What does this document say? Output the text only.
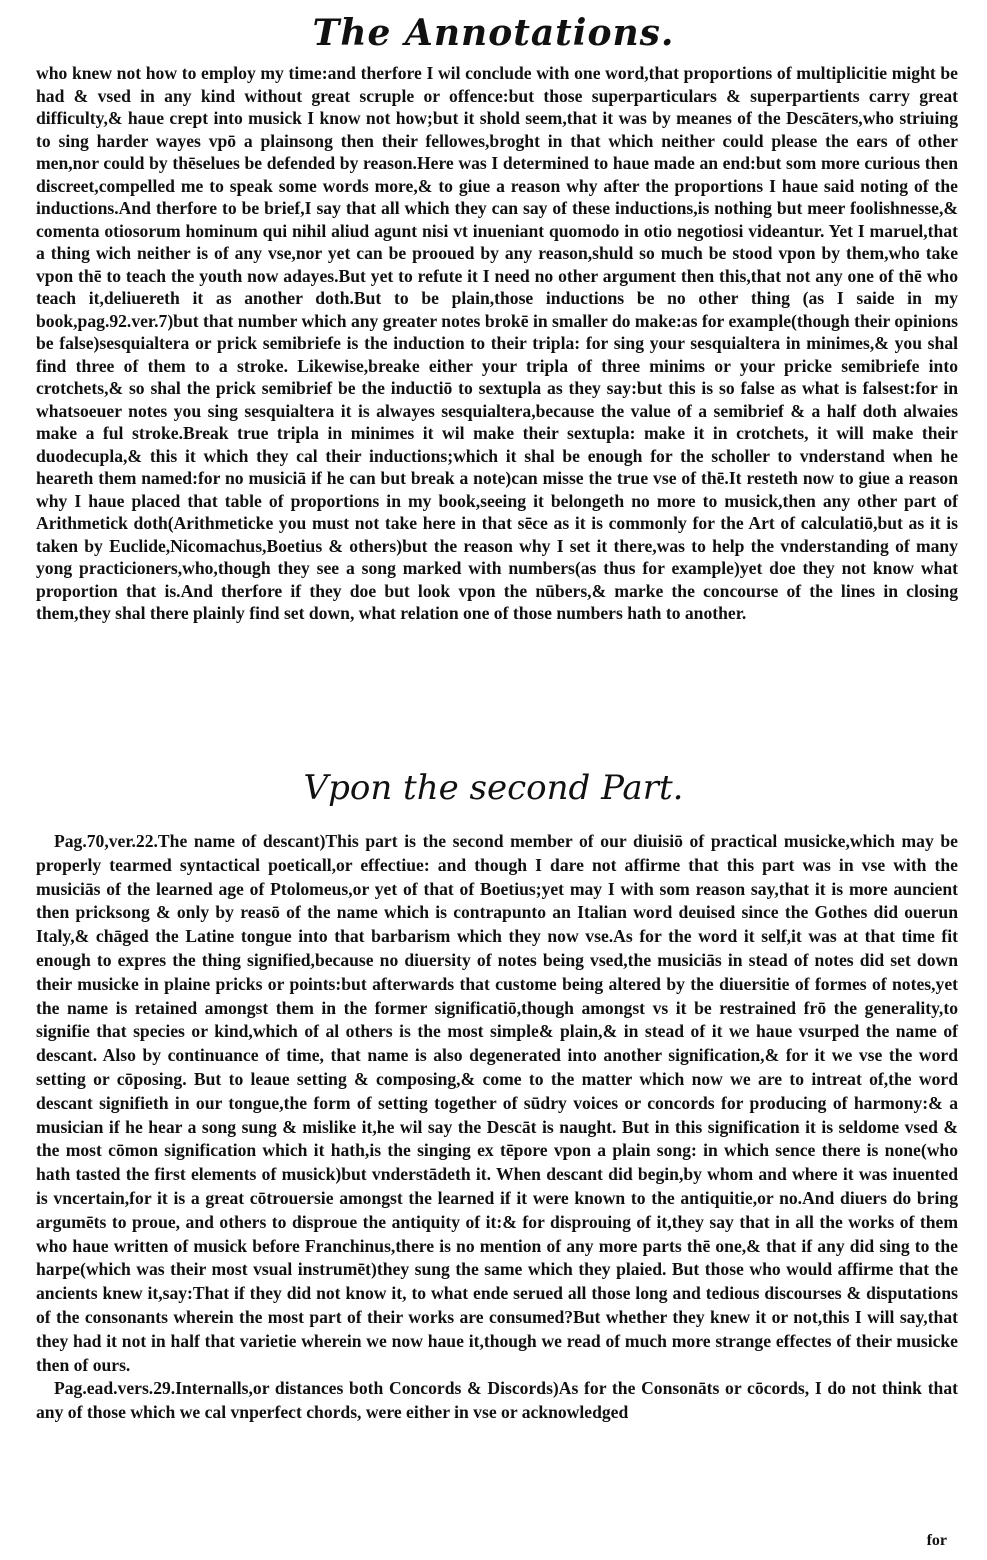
The Annotations.

who knew not how to employ my time:and therfore I wil conclude with one word,that proportions of multiplicitie might be had & vsed in any kind without great scruple or offence:but those superparticulars & superpartients carry great difficulty,& haue crept into musick I know not how;but it shold seem,that it was by meanes of the Descāters,who striuing to sing harder wayes vpō a plainsong then their fellowes,broght in that which neither could please the ears of other men,nor could by thēselues be defended by reason.Here was I determined to haue made an end:but som more curious then discreet,compelled me to speak some words more,& to giue a reason why after the proportions I haue said noting of the inductions.And therfore to be brief,I say that all which they can say of these inductions,is nothing but meer foolishnesse,& comenta otiosorum hominum qui nihil aliud agunt nisi vt inueniant quomodo in otio negotiosi videantur. Yet I maruel,that a thing wich neither is of any vse,nor yet can be prooued by any reason,shuld so much be stood vpon by them,who take vpon thē to teach the youth now adayes.But yet to refute it I need no other argument then this,that not any one of thē who teach it,deliuereth it as another doth.But to be plain,those inductions be no other thing (as I saide in my book,pag.92.ver.7)but that number which any greater notes brokē in smaller do make:as for example(though their opinions be false)sesquialtera or prick semibriefe is the induction to their tripla: for sing your sesquialtera in minimes,& you shal find three of them to a stroke. Likewise,breake either your tripla of three minims or your pricke semibriefe into crotchets,& so shal the prick semibrief be the inductiō to sextupla as they say:but this is so false as what is falsest:for in whatsoeuer notes you sing sesquialtera it is alwayes sesquialtera,because the value of a semibrief & a half doth alwaies make a ful stroke.Break true tripla in minimes it wil make their sextupla: make it in crotchets, it will make their duodecupla,& this it which they cal their inductions;which it shal be enough for the scholler to vnderstand when he heareth them named:for no musiciā if he can but break a note)can misse the true vse of thē.It resteth now to giue a reason why I haue placed that table of proportions in my book,seeing it belongeth no more to musick,then any other part of Arithmetick doth(Arithmeticke you must not take here in that sēce as it is commonly for the Art of calculatiō,but as it is taken by Euclide,Nicomachus,Boetius & others)but the reason why I set it there,was to help the vnderstanding of many yong practicioners,who,though they see a song marked with numbers(as thus for example)yet doe they not know what proportion that is.And therfore if they doe but look vpon the nūbers,& marke the concourse of the lines in closing them,they shal there plainly find set down, what relation one of those numbers hath to another.

Vpon the second Part.

Pag.70,ver.22.The name of descant)This part is the second member of our diuisiō of practical musicke,which may be properly tearmed syntactical poeticall,or effectiue: and though I dare not affirme that this part was in vse with the musiciās of the learned age of Ptolomeus,or yet of that of Boetius;yet may I with som reason say,that it is more auncient then pricksong & only by reasō of the name which is contrapunto an Italian word deuised since the Gothes did ouerun Italy,& chāged the Latine tongue into that barbarism which they now vse.As for the word it self,it was at that time fit enough to expres the thing signified,because no diuersity of notes being vsed,the musiciās in stead of notes did set down their musicke in plaine pricks or points:but afterwards that custome being altered by the diuersitie of formes of notes,yet the name is retained amongst them in the former significatiō,though amongst vs it be restrained frō the generality,to signifie that species or kind,which of al others is the most simple& plain,& in stead of it we haue vsurped the name of descant. Also by continuance of time, that name is also degenerated into another signification,& for it we vse the word setting or cōposing. But to leaue setting & composing,& come to the matter which now we are to intreat of,the word descant signifieth in our tongue,the form of setting together of sūdry voices or concords for producing of harmony:& a musician if he hear a song sung & mislike it,he wil say the Descāt is naught. But in this signification it is seldome vsed & the most cōmon signification which it hath,is the singing ex tēpore vpon a plain song: in which sence there is none(who hath tasted the first elements of musick)but vnderstādeth it. When descant did begin,by whom and where it was inuented is vncertain,for it is a great cōtrouersie amongst the learned if it were known to the antiquitie,or no.And diuers do bring argumēts to proue, and others to disproue the antiquity of it:& for disprouing of it,they say that in all the works of them who haue written of musick before Franchinus,there is no mention of any more parts thē one,& that if any did sing to the harpe(which was their most vsual instrumēt)they sung the same which they plaied. But those who would affirme that the ancients knew it,say:That if they did not know it, to what ende serued all those long and tedious discourses & disputations of the consonants wherein the most part of their works are consumed?But whether they knew it or not,this I will say,that they had it not in half that varietie wherein we now haue it,though we read of much more strange effectes of their musicke then of ours.

Pag.ead.vers.29.Internalls,or distances both Concords & Discords)As for the Consonāts or cōcords, I do not think that any of those which we cal vnperfect chords, were either in vse or acknowledged

for
